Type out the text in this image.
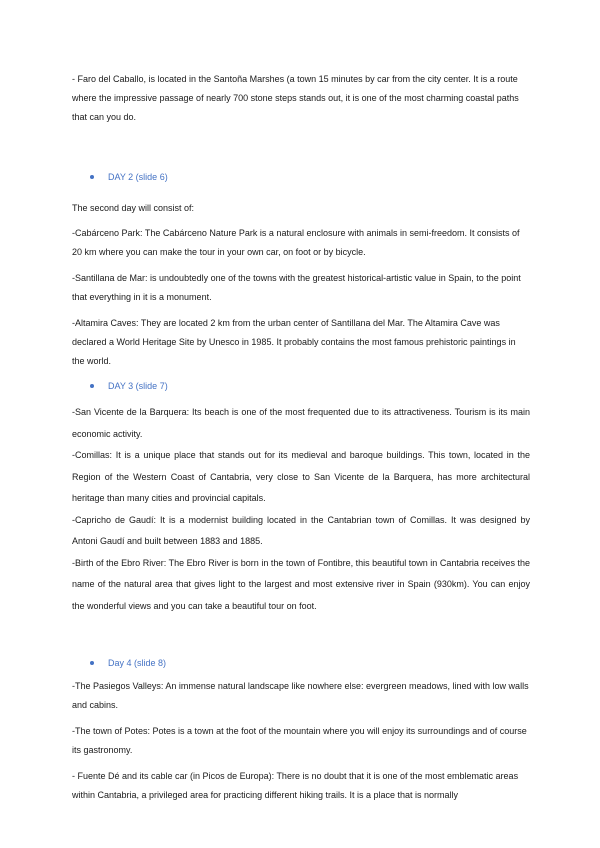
- Faro del Caballo, is located in the Santoña Marshes (a town 15 minutes by car from the city center. It is a route where the impressive passage of nearly 700 stone steps stands out, it is one of the most charming coastal paths that can you do.

DAY 2 (slide 6)

The second day will consist of:

-Cabárceno Park: The Cabárceno Nature Park is a natural enclosure with animals in semi-freedom. It consists of 20 km where you can make the tour in your own car, on foot or by bicycle.

-Santillana de Mar: is undoubtedly one of the towns with the greatest historical-artistic value in Spain, to the point that everything in it is a monument.

-Altamira Caves: They are located 2 km from the urban center of Santillana del Mar. The Altamira Cave was declared a World Heritage Site by Unesco in 1985. It probably contains the most famous prehistoric paintings in the world.

DAY 3 (slide 7)

-San Vicente de la Barquera: Its beach is one of the most frequented due to its attractiveness. Tourism is its main economic activity.

-Comillas: It is a unique place that stands out for its medieval and baroque buildings. This town, located in the Region of the Western Coast of Cantabria, very close to San Vicente de la Barquera, has more architectural heritage than many cities and provincial capitals.

-Capricho de Gaudí: It is a modernist building located in the Cantabrian town of Comillas. It was designed by Antoni Gaudí and built between 1883 and 1885.

-Birth of the Ebro River: The Ebro River is born in the town of Fontibre, this beautiful town in Cantabria receives the name of the natural area that gives light to the largest and most extensive river in Spain (930km). You can enjoy the wonderful views and you can take a beautiful tour on foot.

Day 4 (slide 8)

-The Pasiegos Valleys: An immense natural landscape like nowhere else: evergreen meadows, lined with low walls and cabins.

-The town of Potes: Potes is a town at the foot of the mountain where you will enjoy its surroundings and of course its gastronomy.

- Fuente Dé and its cable car (in Picos de Europa): There is no doubt that it is one of the most emblematic areas within Cantabria, a privileged area for practicing different hiking trails. It is a place that is normally
